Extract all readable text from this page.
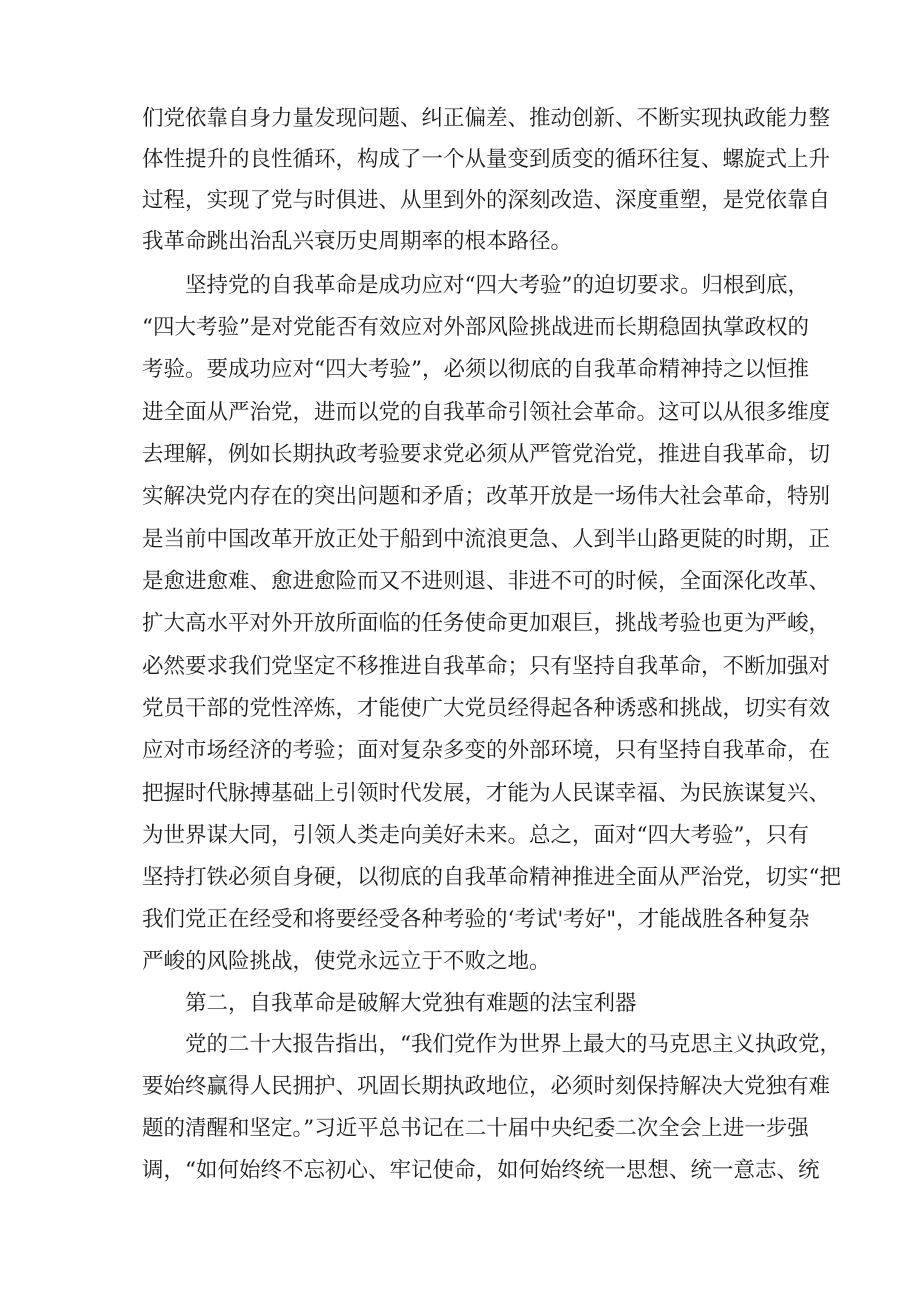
们党依靠自身力量发现问题、纠正偏差、推动创新、不断实现执政能力整
体性提升的良性循环，构成了一个从量变到质变的循环往复、螺旋式上升
过程，实现了党与时俱进、从里到外的深刻改造、深度重塑，是党依靠自
我革命跳出治乱兴衰历史周期率的根本路径。
坚持党的自我革命是成功应对“四大考验”的迫切要求。归根到底，
“四大考验”是对党能否有效应对外部风险挑战进而长期稳固执掌政权的
考验。要成功应对“四大考验”，必须以彻底的自我革命精神持之以恒推
进全面从严治党，进而以党的自我革命引领社会革命。这可以从很多维度
去理解，例如长期执政考验要求党必须从严管党治党，推进自我革命，切
实解决党内存在的突出问题和矛盾；改革开放是一场伟大社会革命，特别
是当前中国改革开放正处于船到中流浪更急、人到半山路更陡的时期，正
是愈进愈难、愈进愈险而又不进则退、非进不可的时候，全面深化改革、
扩大高水平对外开放所面临的任务使命更加艰巨，挑战考验也更为严峻，
必然要求我们党坚定不移推进自我革命；只有坚持自我革命，不断加强对
党员干部的党性淬炼，才能使广大党员经得起各种诱惑和挑战，切实有效
应对市场经济的考验；面对复杂多变的外部环境，只有坚持自我革命，在
把握时代脉搏基础上引领时代发展，才能为人民谋幸福、为民族谋复兴、
为世界谋大同，引领人类走向美好未来。总之，面对“四大考验”，只有
坚持打铁必须自身硬，以彻底的自我革命精神推进全面从严治党，切实“把
我们党正在经受和将要经受各种考验的‘考试'考好"，才能战胜各种复杂
严峻的风险挑战，使党永远立于不败之地。
第二，自我革命是破解大党独有难题的法宝利器
党的二十大报告指出，“我们党作为世界上最大的马克思主义执政党，
要始终赢得人民拥护、巩固长期执政地位，必须时刻保持解决大党独有难
题的清醒和坚定。”习近平总书记在二十届中央纪委二次全会上进一步强
调，“如何始终不忘初心、牢记使命，如何始终统一思想、统一意志、统
